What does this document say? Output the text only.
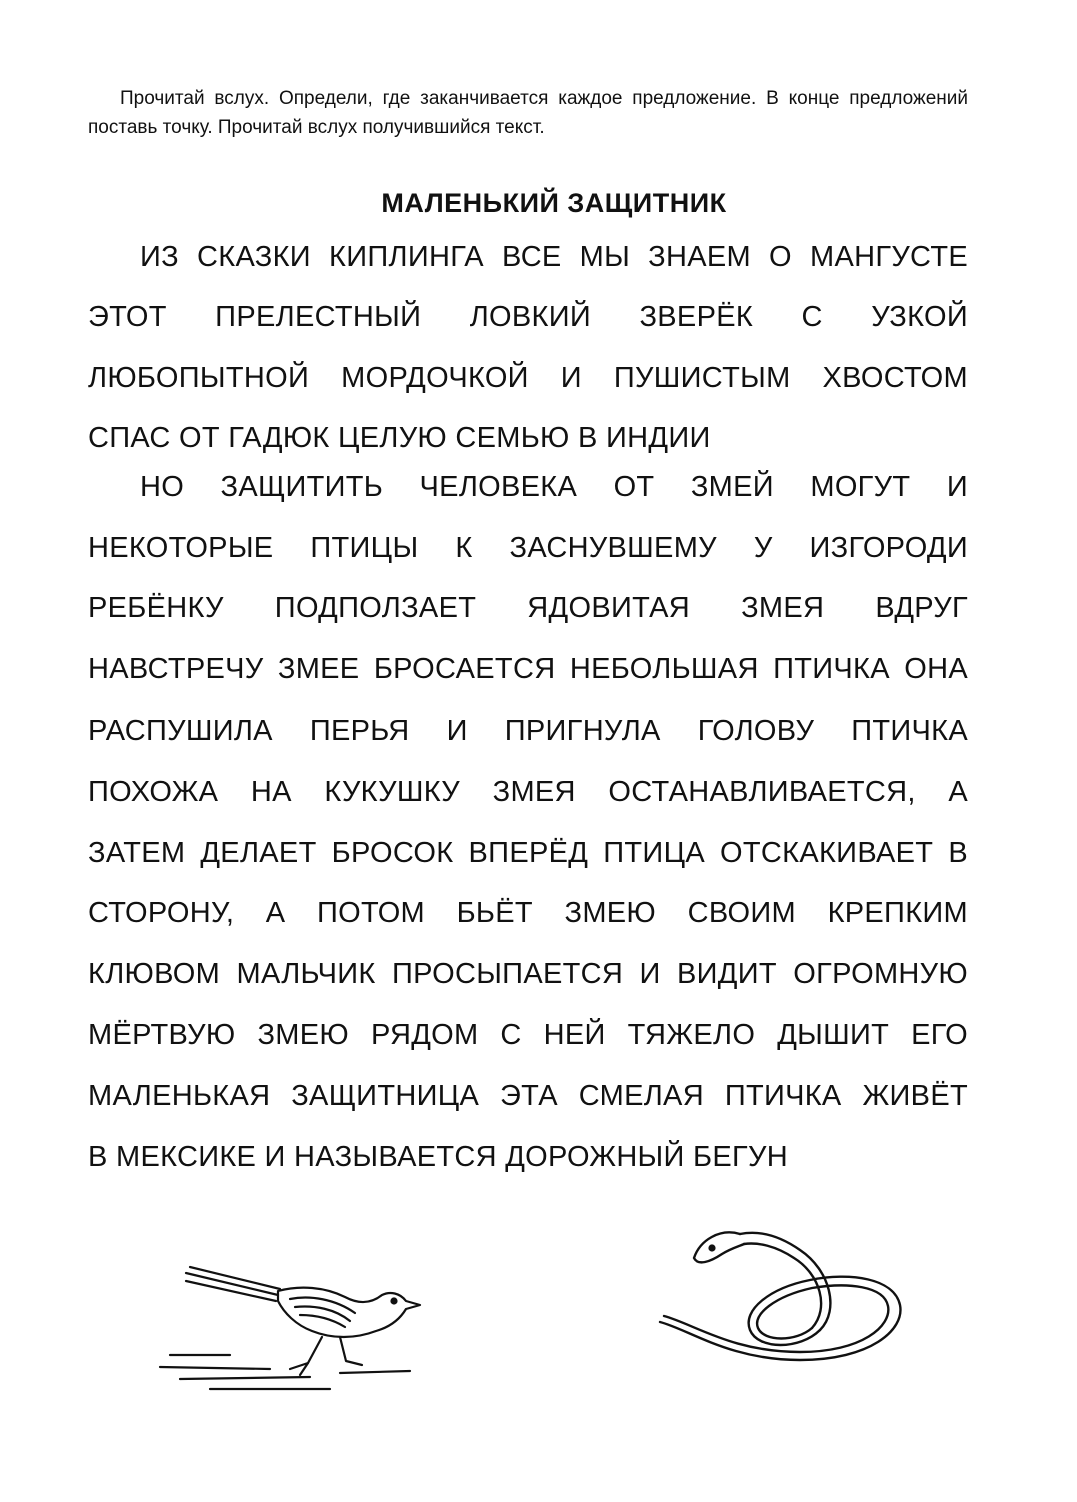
Прочитай вслух. Определи, где заканчивается каждое предложение. В конце предложений поставь точку. Прочитай вслух получившийся текст.

МАЛЕНЬКИЙ ЗАЩИТНИК

ИЗ СКАЗКИ КИПЛИНГА ВСЕ МЫ ЗНАЕМ О МАНГУСТЕ

ЭТОТ ПРЕЛЕСТНЫЙ ЛОВКИЙ ЗВЕРЁК С УЗКОЙ

ЛЮБОПЫТНОЙ МОРДОЧКОЙ И ПУШИСТЫМ ХВОСТОМ

СПАС ОТ ГАДЮК ЦЕЛУЮ СЕМЬЮ В ИНДИИ

НО ЗАЩИТИТЬ ЧЕЛОВЕКА ОТ ЗМЕЙ МОГУТ И

НЕКОТОРЫЕ ПТИЦЫ К ЗАСНУВШЕМУ У ИЗГОРОДИ

РЕБЁНКУ ПОДПОЛЗАЕТ ЯДОВИТАЯ ЗМЕЯ ВДРУГ

НАВСТРЕЧУ ЗМЕЕ БРОСАЕТСЯ НЕБОЛЬШАЯ ПТИЧКА ОНА

РАСПУШИЛА ПЕРЬЯ И ПРИГНУЛА ГОЛОВУ ПТИЧКА

ПОХОЖА НА КУКУШКУ ЗМЕЯ ОСТАНАВЛИВАЕТСЯ, А

ЗАТЕМ ДЕЛАЕТ БРОСОК ВПЕРЁД ПТИЦА ОТСКАКИВАЕТ В

СТОРОНУ, А ПОТОМ БЬЁТ ЗМЕЮ СВОИМ КРЕПКИМ

КЛЮВОМ МАЛЬЧИК ПРОСЫПАЕТСЯ И ВИДИТ ОГРОМНУЮ

МЁРТВУЮ ЗМЕЮ РЯДОМ С НЕЙ ТЯЖЕЛО ДЫШИТ ЕГО

МАЛЕНЬКАЯ ЗАЩИТНИЦА ЭТА СМЕЛАЯ ПТИЧКА ЖИВЁТ

В МЕКСИКЕ И НАЗЫВАЕТСЯ ДОРОЖНЫЙ БЕГУН
